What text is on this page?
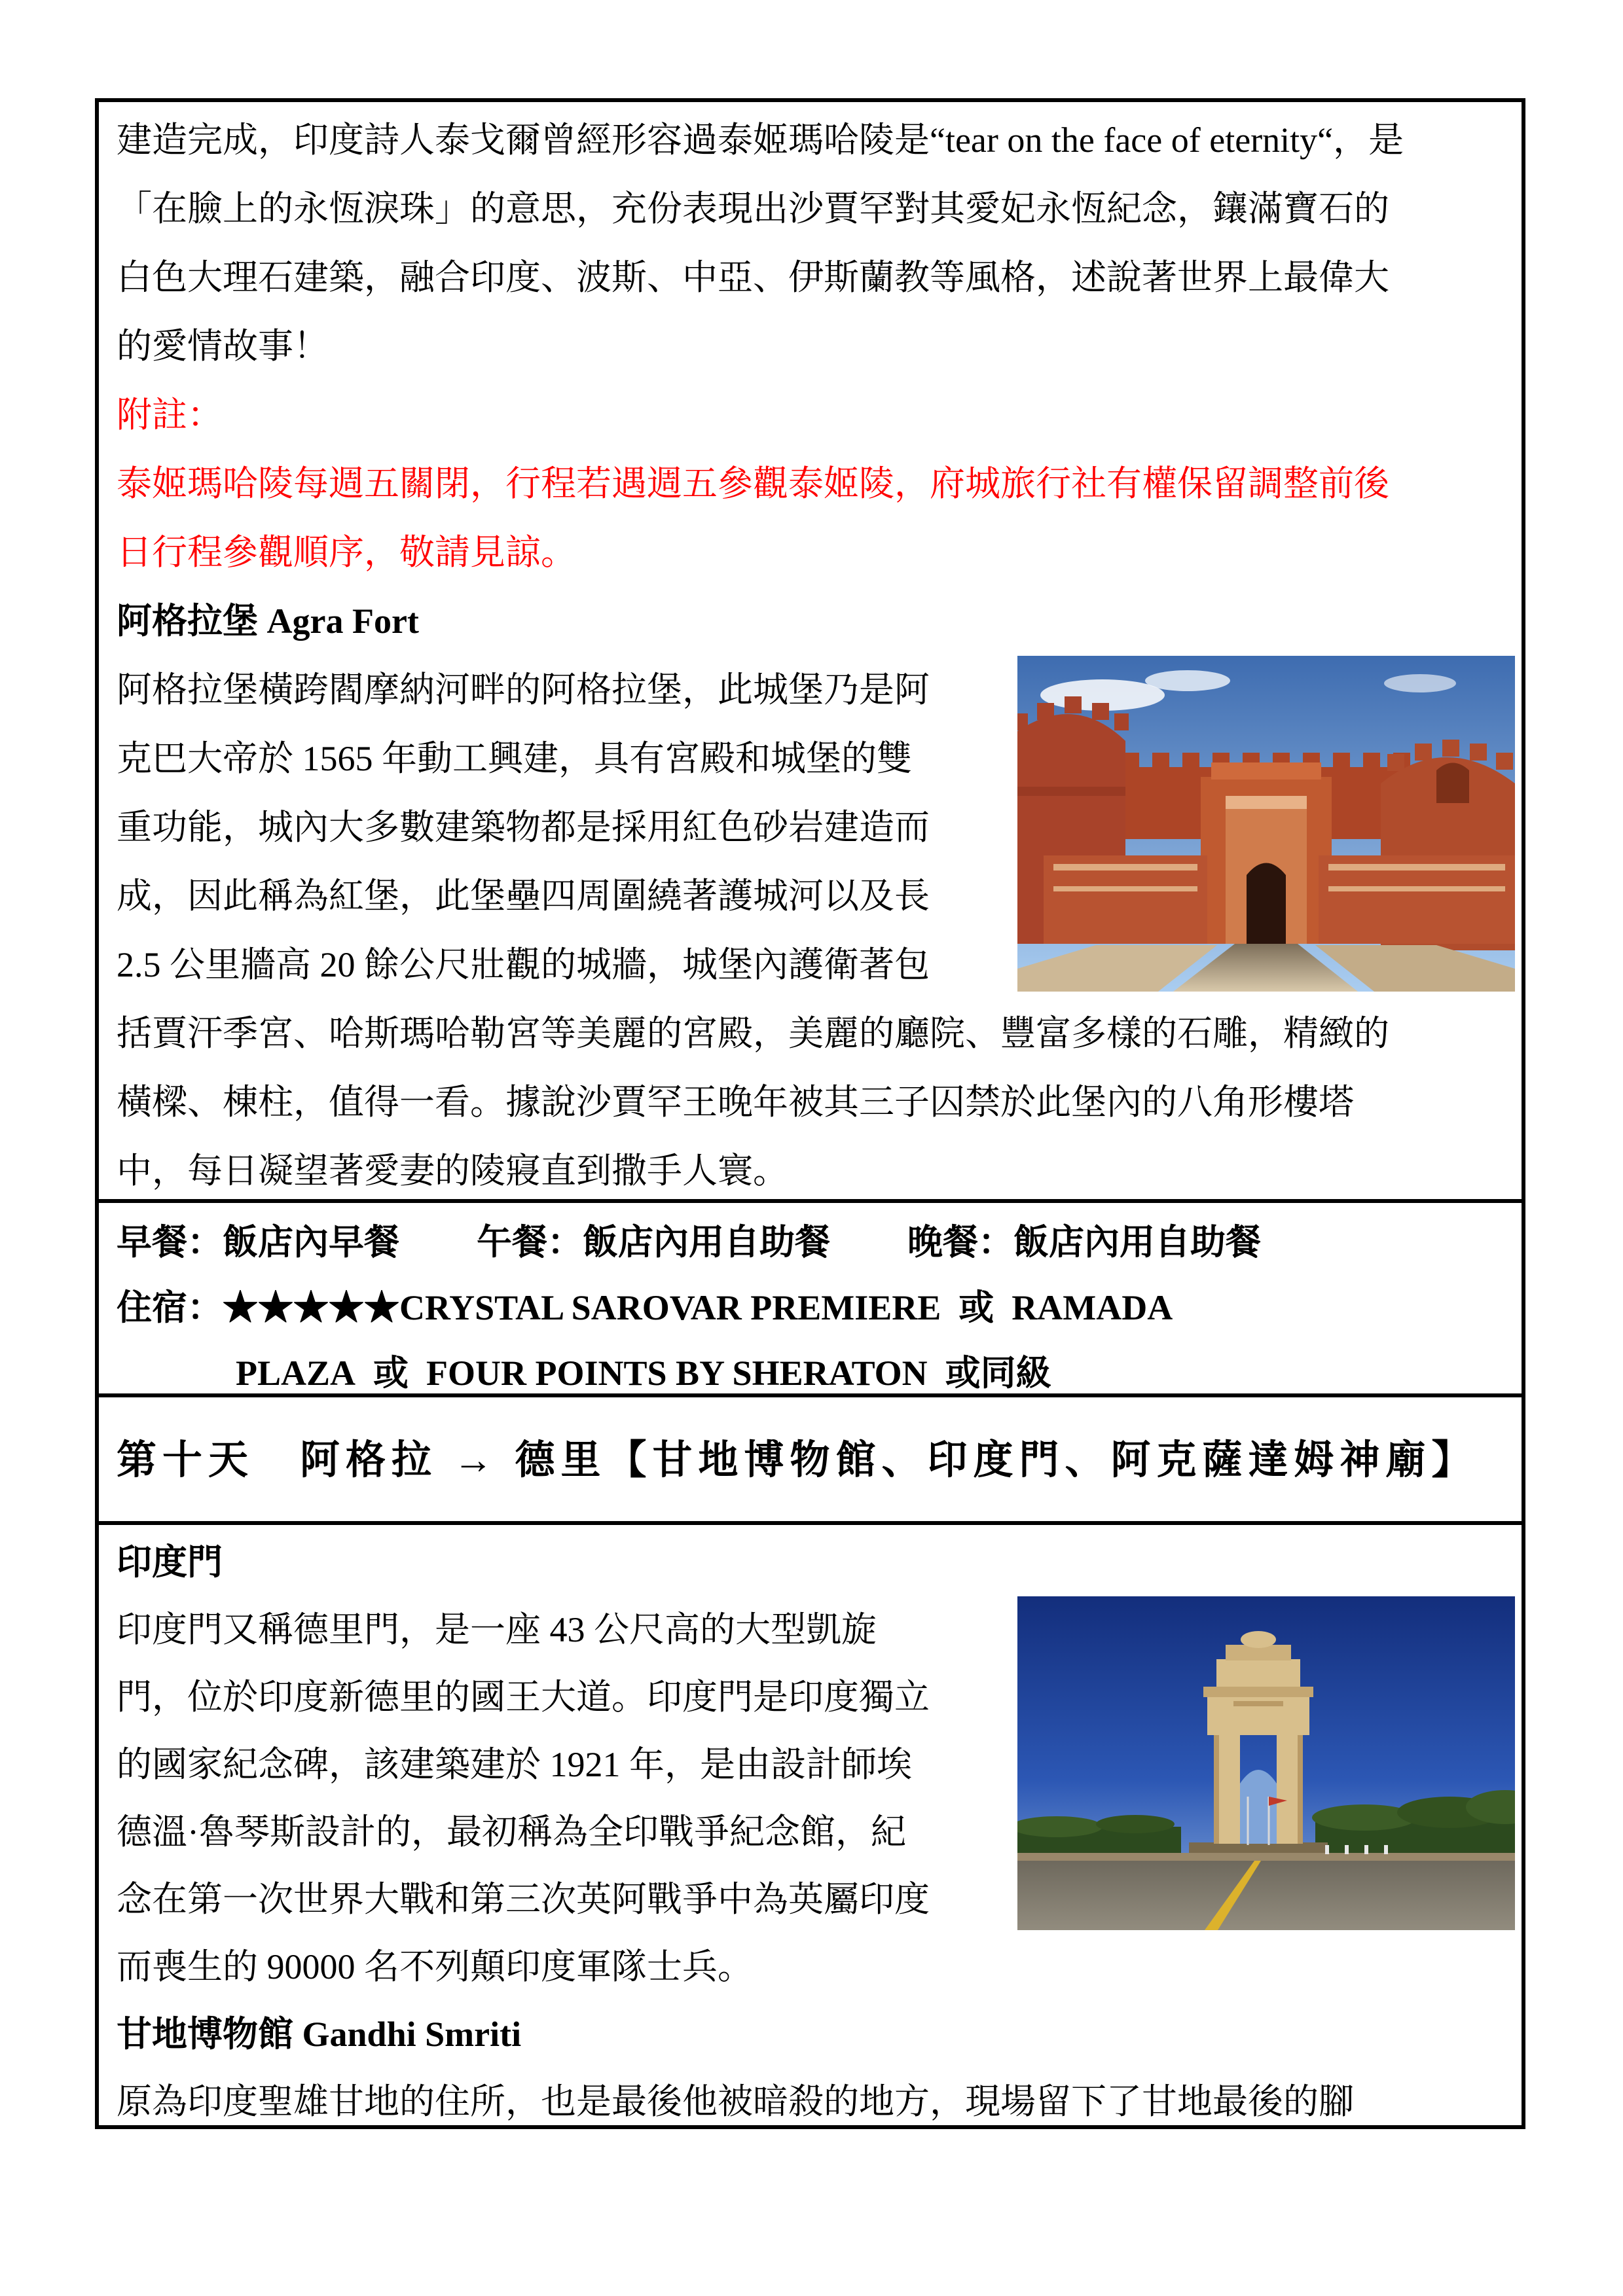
建造完成，印度詩人泰戈爾曾經形容過泰姬瑪哈陵是“tear on the face of eternity“，是
「在臉上的永恆淚珠」的意思，充份表現出沙賈罕對其愛妃永恆紀念，鑲滿寶石的
白色大理石建築，融合印度、波斯、中亞、伊斯蘭教等風格，述說著世界上最偉大
的愛情故事！
附註：
泰姬瑪哈陵每週五關閉，行程若遇週五參觀泰姬陵，府城旅行社有權保留調整前後
日行程參觀順序，敬請見諒。
阿格拉堡 Agra Fort
阿格拉堡橫跨閻摩納河畔的阿格拉堡，此城堡乃是阿
克巴大帝於 1565 年動工興建，具有宮殿和城堡的雙
重功能，城內大多數建築物都是採用紅色砂岩建造而
成，因此稱為紅堡，此堡壘四周圍繞著護城河以及長
2.5 公里牆高 20 餘公尺壯觀的城牆，城堡內護衛著包
括賈汗季宮、哈斯瑪哈勒宮等美麗的宮殿，美麗的廳院、豐富多樣的石雕，精緻的
橫樑、棟柱，值得一看。據說沙賈罕王晚年被其三子囚禁於此堡內的八角形樓塔
中，每日凝望著愛妻的陵寢直到撒手人寰。
早餐：飯店內早餐 午餐：飯店內用自助餐 晚餐：飯店內用自助餐
住宿：★★★★★CRYSTAL SAROVAR PREMIERE  或  RAMADA
PLAZA  或  FOUR POINTS BY SHERATON  或同級
第十天　阿格拉 → 德里【甘地博物館、印度門、阿克薩達姆神廟】
印度門
印度門又稱德里門，是一座 43 公尺高的大型凱旋
門，位於印度新德里的國王大道。印度門是印度獨立
的國家紀念碑，該建築建於 1921 年，是由設計師埃
德溫·魯琴斯設計的，最初稱為全印戰爭紀念館，紀
念在第一次世界大戰和第三次英阿戰爭中為英屬印度
而喪生的 90000 名不列顛印度軍隊士兵。
甘地博物館 Gandhi Smriti
原為印度聖雄甘地的住所，也是最後他被暗殺的地方，現場留下了甘地最後的腳
